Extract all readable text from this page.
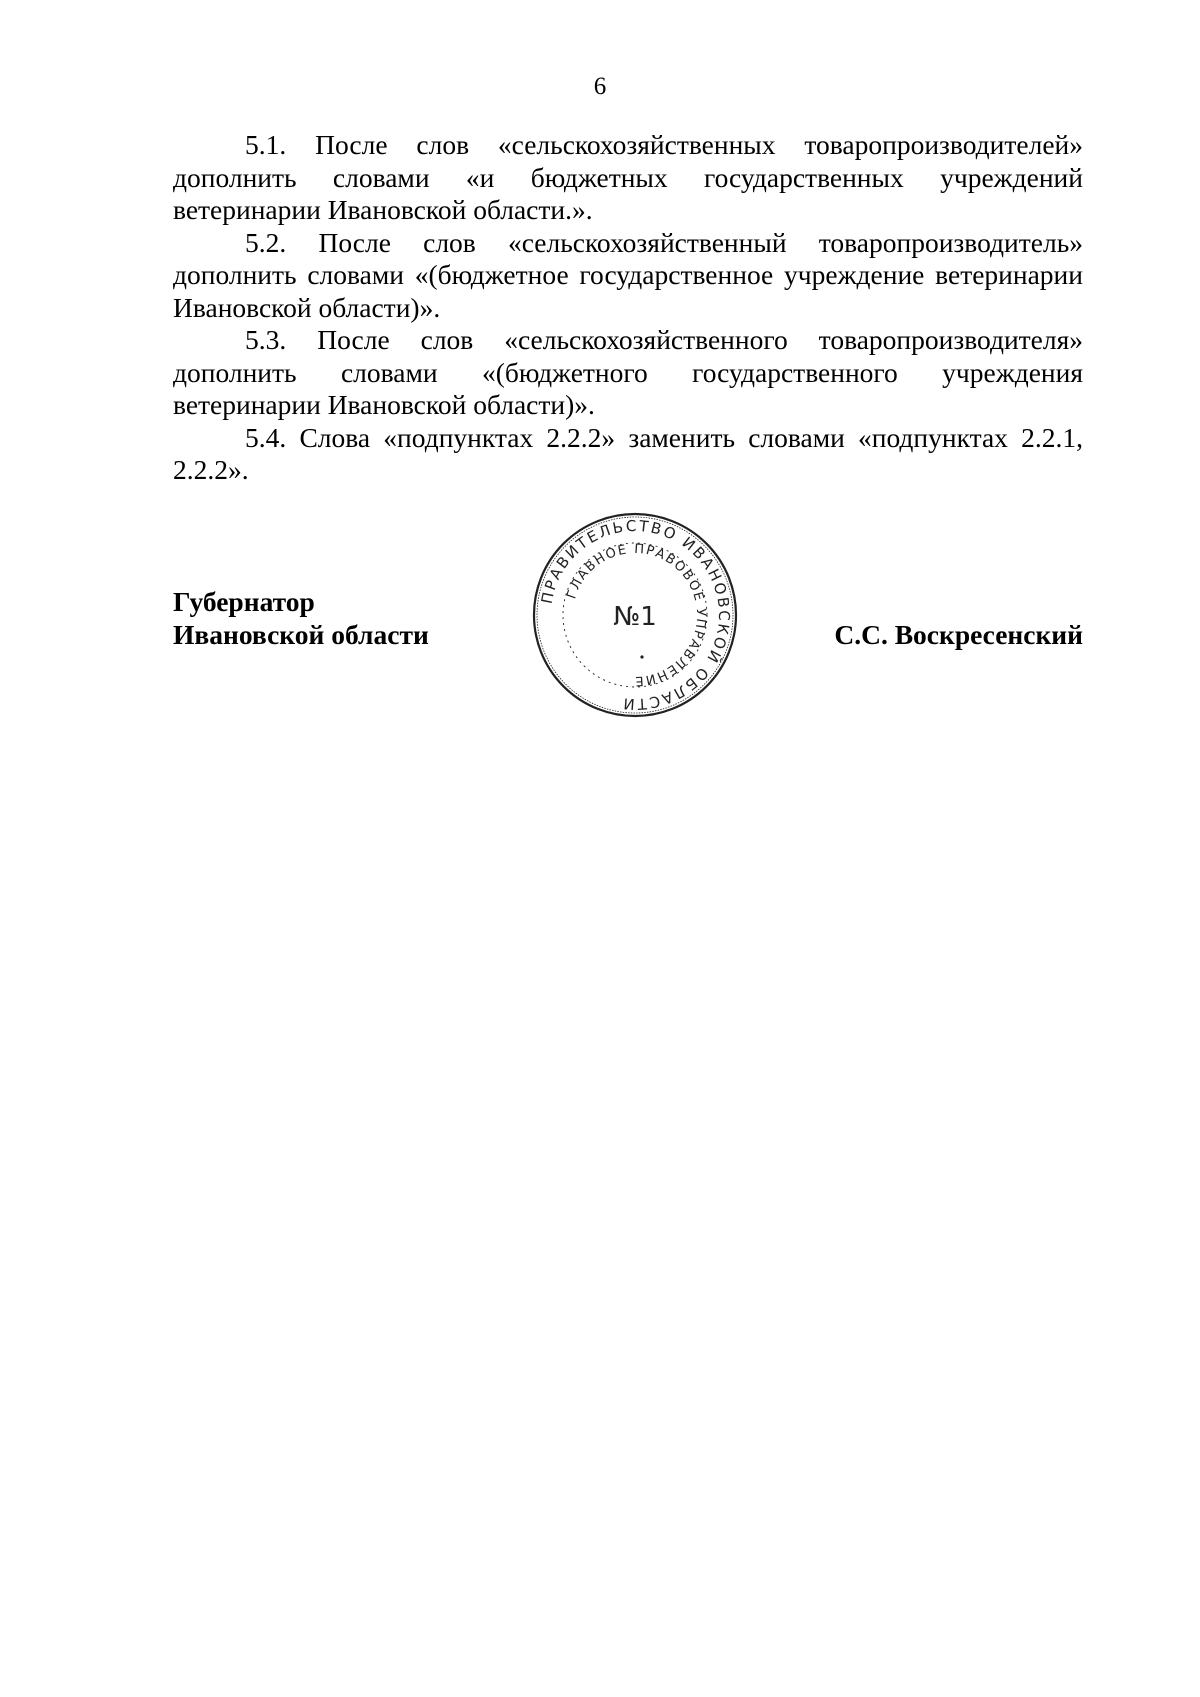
6

5.1. После слов «сельскохозяйственных товаропроизводителей» дополнить словами «и бюджетных государственных учреждений ветеринарии Ивановской области.».

5.2. После слов «сельскохозяйственный товаропроизводитель» дополнить словами «(бюджетное государственное учреждение ветеринарии Ивановской области)».

5.3. После слов «сельскохозяйственного товаропроизводителя» дополнить словами «(бюджетного государственного учреждения ветеринарии Ивановской области)».

5.4. Слова «подпунктах 2.2.2» заменить словами «подпунктах 2.2.1, 2.2.2».

Губернатор
Ивановской области
ПРАВИТЕЛЬСТВО ИВАНОВСКОЙ ОБЛАСТИ
ГЛАВНОЕ ПРАВОВОЕ УПРАВЛЕНИЕ
№1
С.С. Воскресенский
